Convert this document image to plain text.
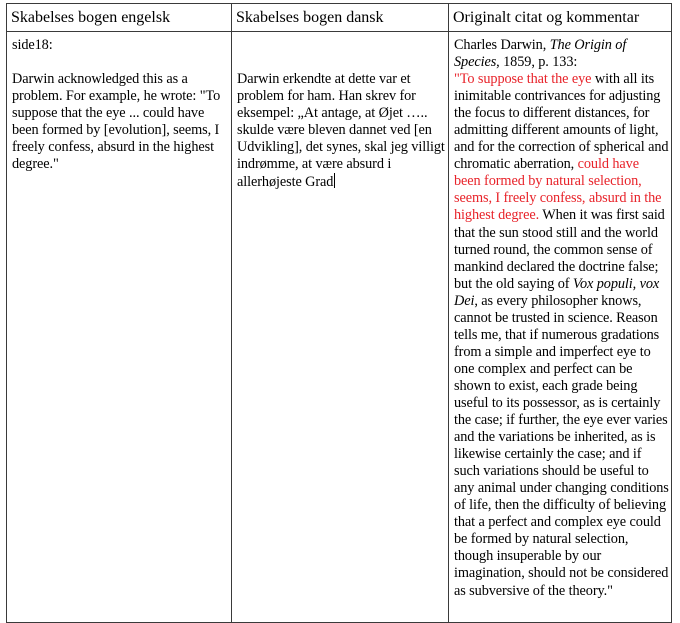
Skabelses bogen engelsk	Skabelses bogen dansk	Originalt citat og kommentar

side18:

Darwin acknowledged this as a problem. For example, he wrote: "To suppose that the eye ... could have been formed by [evolution], seems, I freely confess, absurd in the highest degree."

Darwin erkendte at dette var et problem for ham. Han skrev for eksempel: „At antage, at Øjet ….. skulde være bleven dannet ved [en Udvikling], det synes, skal jeg villigt indrømme, at være absurd i allerhøjeste Grad

Charles Darwin, The Origin of Species, 1859, p. 133:

"To suppose that the eye with all its inimitable contrivances for adjusting the focus to different distances, for admitting different amounts of light, and for the correction of spherical and chromatic aberration, could have been formed by natural selection, seems, I freely confess, absurd in the highest degree. When it was first said that the sun stood still and the world turned round, the common sense of mankind declared the doctrine false; but the old saying of Vox populi, vox Dei, as every philosopher knows, cannot be trusted in science. Reason tells me, that if numerous gradations from a simple and imperfect eye to one complex and perfect can be shown to exist, each grade being useful to its possessor, as is certainly the case; if further, the eye ever varies and the variations be inherited, as is likewise certainly the case; and if such variations should be useful to any animal under changing conditions of life, then the difficulty of believing that a perfect and complex eye could be formed by natural selection, though insuperable by our imagination, should not be considered as subversive of the theory."
